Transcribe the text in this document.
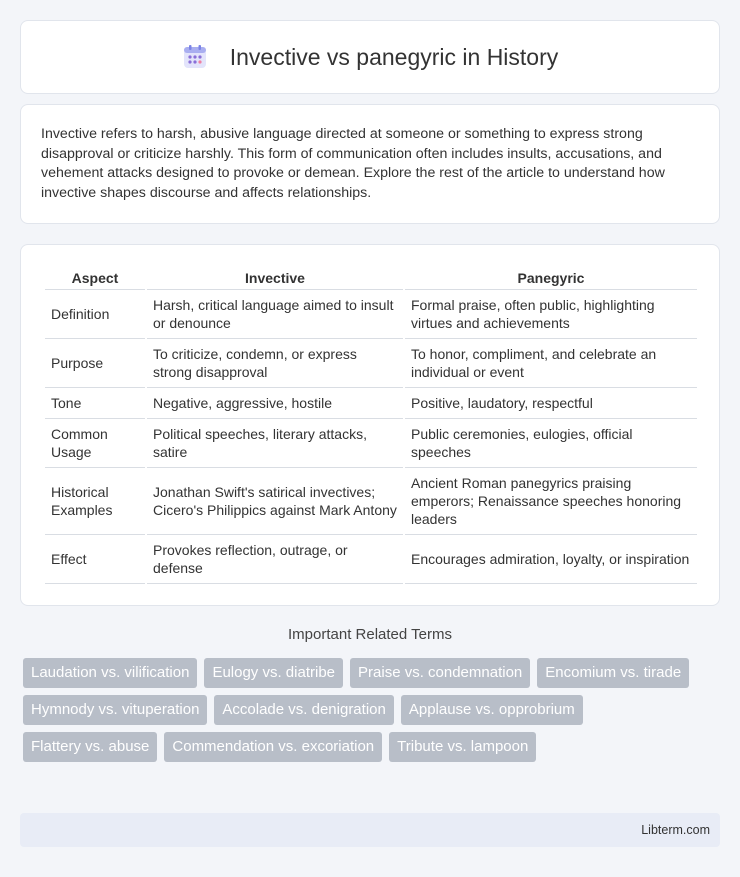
Invective vs panegyric in History

Invective refers to harsh, abusive language directed at someone or something to express strong disapproval or criticize harshly. This form of communication often includes insults, accusations, and vehement attacks designed to provoke or demean. Explore the rest of the article to understand how invective shapes discourse and affects relationships.

Aspect	Invective	Panegyric
Definition	Harsh, critical language aimed to insult or denounce	Formal praise, often public, highlighting virtues and achievements
Purpose	To criticize, condemn, or express strong disapproval	To honor, compliment, and celebrate an individual or event
Tone	Negative, aggressive, hostile	Positive, laudatory, respectful
Common Usage	Political speeches, literary attacks, satire	Public ceremonies, eulogies, official speeches
Historical Examples	Jonathan Swift's satirical invectives; Cicero's Philippics against Mark Antony	Ancient Roman panegyrics praising emperors; Renaissance speeches honoring leaders
Effect	Provokes reflection, outrage, or defense	Encourages admiration, loyalty, or inspiration
Important Related Terms
Laudation vs. vilification	Eulogy vs. diatribe	Praise vs. condemnation	Encomium vs. tirade
Hymnody vs. vituperation	Accolade vs. denigration	Applause vs. opprobrium
Flattery vs. abuse	Commendation vs. excoriation	Tribute vs. lampoon
Libterm.com
